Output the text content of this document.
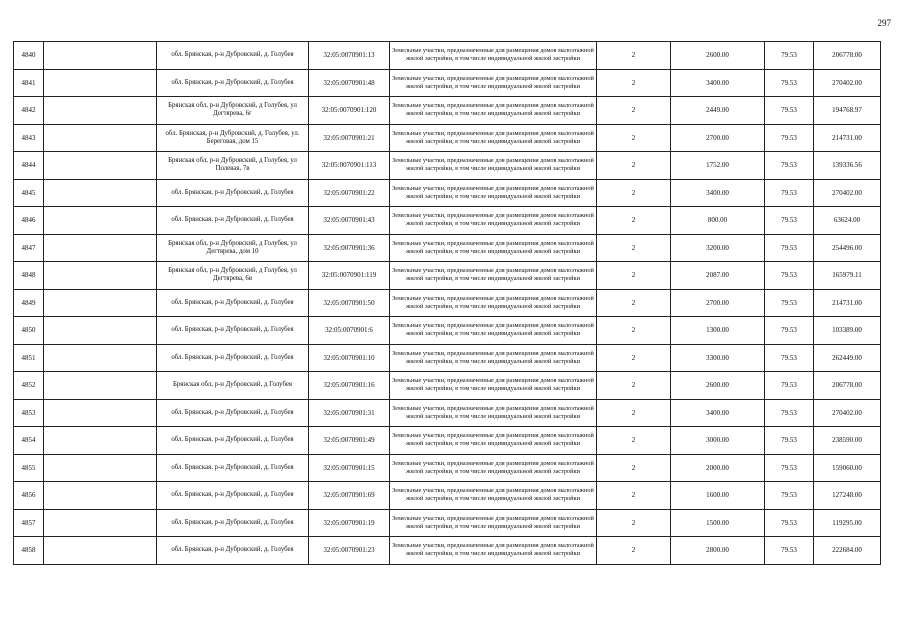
297
4840		обл. Брянская, р-н Дубровский, д. Голубея	32:05:0070901:13	Земельные участки, предназначенные для размещения домов малоэтажной жилой застройки, в том числе индивидуальной жилой застройки	2	2600.00	79.53	206778.00
4841		обл. Брянская, р-н Дубровский, д. Голубея	32:05:0070901:48	Земельные участки, предназначенные для размещения домов малоэтажной жилой застройки, в том числе индивидуальной жилой застройки	2	3400.00	79.53	270402.00
4842		Брянская обл, р-н Дубровский, д Голубея, ул Дегтярева, 6г	32:05:0070901:120	Земельные участки, предназначенные для размещения домов малоэтажной жилой застройки, в том числе индивидуальной жилой застройки	2	2449.00	79.53	194768.97
4843		обл. Брянская, р-н Дубровский, д. Голубея, ул. Береговая, дом 15	32:05:0070901:21	Земельные участки, предназначенные для размещения домов малоэтажной жилой застройки, в том числе индивидуальной жилой застройки	2	2700.00	79.53	214731.00
4844		Брянская обл, р-н Дубровский, д Голубея, ул Полевая, 7в	32:05:0070901:113	Земельные участки, предназначенные для размещения домов малоэтажной жилой застройки, в том числе индивидуальной жилой застройки	2	1752.00	79.53	139336.56
4845		обл. Брянская, р-н Дубровский, д. Голубея	32:05:0070901:22	Земельные участки, предназначенные для размещения домов малоэтажной жилой застройки, в том числе индивидуальной жилой застройки	2	3400.00	79.53	270402.00
4846		обл. Брянская, р-н Дубровский, д. Голубея	32:05:0070901:43	Земельные участки, предназначенные для размещения домов малоэтажной жилой застройки, в том числе индивидуальной жилой застройки	2	800.00	79.53	63624.00
4847		Брянская обл, р-н Дубровский, д Голубея, ул Дегтярева, дом 10	32:05:0070901:36	Земельные участки, предназначенные для размещения домов малоэтажной жилой застройки, в том числе индивидуальной жилой застройки	2	3200.00	79.53	254496.00
4848		Брянская обл, р-н Дубровский, д Голубея, ул Дегтярева, 6в	32:05:0070901:119	Земельные участки, предназначенные для размещения домов малоэтажной жилой застройки, в том числе индивидуальной жилой застройки	2	2087.00	79.53	165979.11
4849		обл. Брянская, р-н Дубровский, д. Голубея	32:05:0070901:50	Земельные участки, предназначенные для размещения домов малоэтажной жилой застройки, в том числе индивидуальной жилой застройки	2	2700.00	79.53	214731.00
4850		обл. Брянская, р-н Дубровский, д. Голубея	32:05:0070901:6	Земельные участки, предназначенные для размещения домов малоэтажной жилой застройки, в том числе индивидуальной жилой застройки	2	1300.00	79.53	103389.00
4851		обл. Брянская, р-н Дубровский, д. Голубея	32:05:0070901:10	Земельные участки, предназначенные для размещения домов малоэтажной жилой застройки, в том числе индивидуальной жилой застройки	2	3300.00	79.53	262449.00
4852		Брянская обл, р-н Дубровский, д Голубея	32:05:0070901:16	Земельные участки, предназначенные для размещения домов малоэтажной жилой застройки, в том числе индивидуальной жилой застройки	2	2600.00	79.53	206778.00
4853		обл. Брянская, р-н Дубровский, д. Голубея	32:05:0070901:31	Земельные участки, предназначенные для размещения домов малоэтажной жилой застройки, в том числе индивидуальной жилой застройки	2	3400.00	79.53	270402.00
4854		обл. Брянская, р-н Дубровский, д. Голубея	32:05:0070901:49	Земельные участки, предназначенные для размещения домов малоэтажной жилой застройки, в том числе индивидуальной жилой застройки	2	3000.00	79.53	238590.00
4855		обл. Брянская, р-н Дубровский, д. Голубея	32:05:0070901:15	Земельные участки, предназначенные для размещения домов малоэтажной жилой застройки, в том числе индивидуальной жилой застройки	2	2000.00	79.53	159060.00
4856		обл. Брянская, р-н Дубровский, д. Голубея	32:05:0070901:69	Земельные участки, предназначенные для размещения домов малоэтажной жилой застройки, в том числе индивидуальной жилой застройки	2	1600.00	79.53	127248.00
4857		обл. Брянская, р-н Дубровский, д. Голубея	32:05:0070901:19	Земельные участки, предназначенные для размещения домов малоэтажной жилой застройки, в том числе индивидуальной жилой застройки	2	1500.00	79.53	119295.00
4858		обл. Брянская, р-н Дубровский, д. Голубея	32:05:0070901:23	Земельные участки, предназначенные для размещения домов малоэтажной жилой застройки, в том числе индивидуальной жилой застройки	2	2800.00	79.53	222684.00
